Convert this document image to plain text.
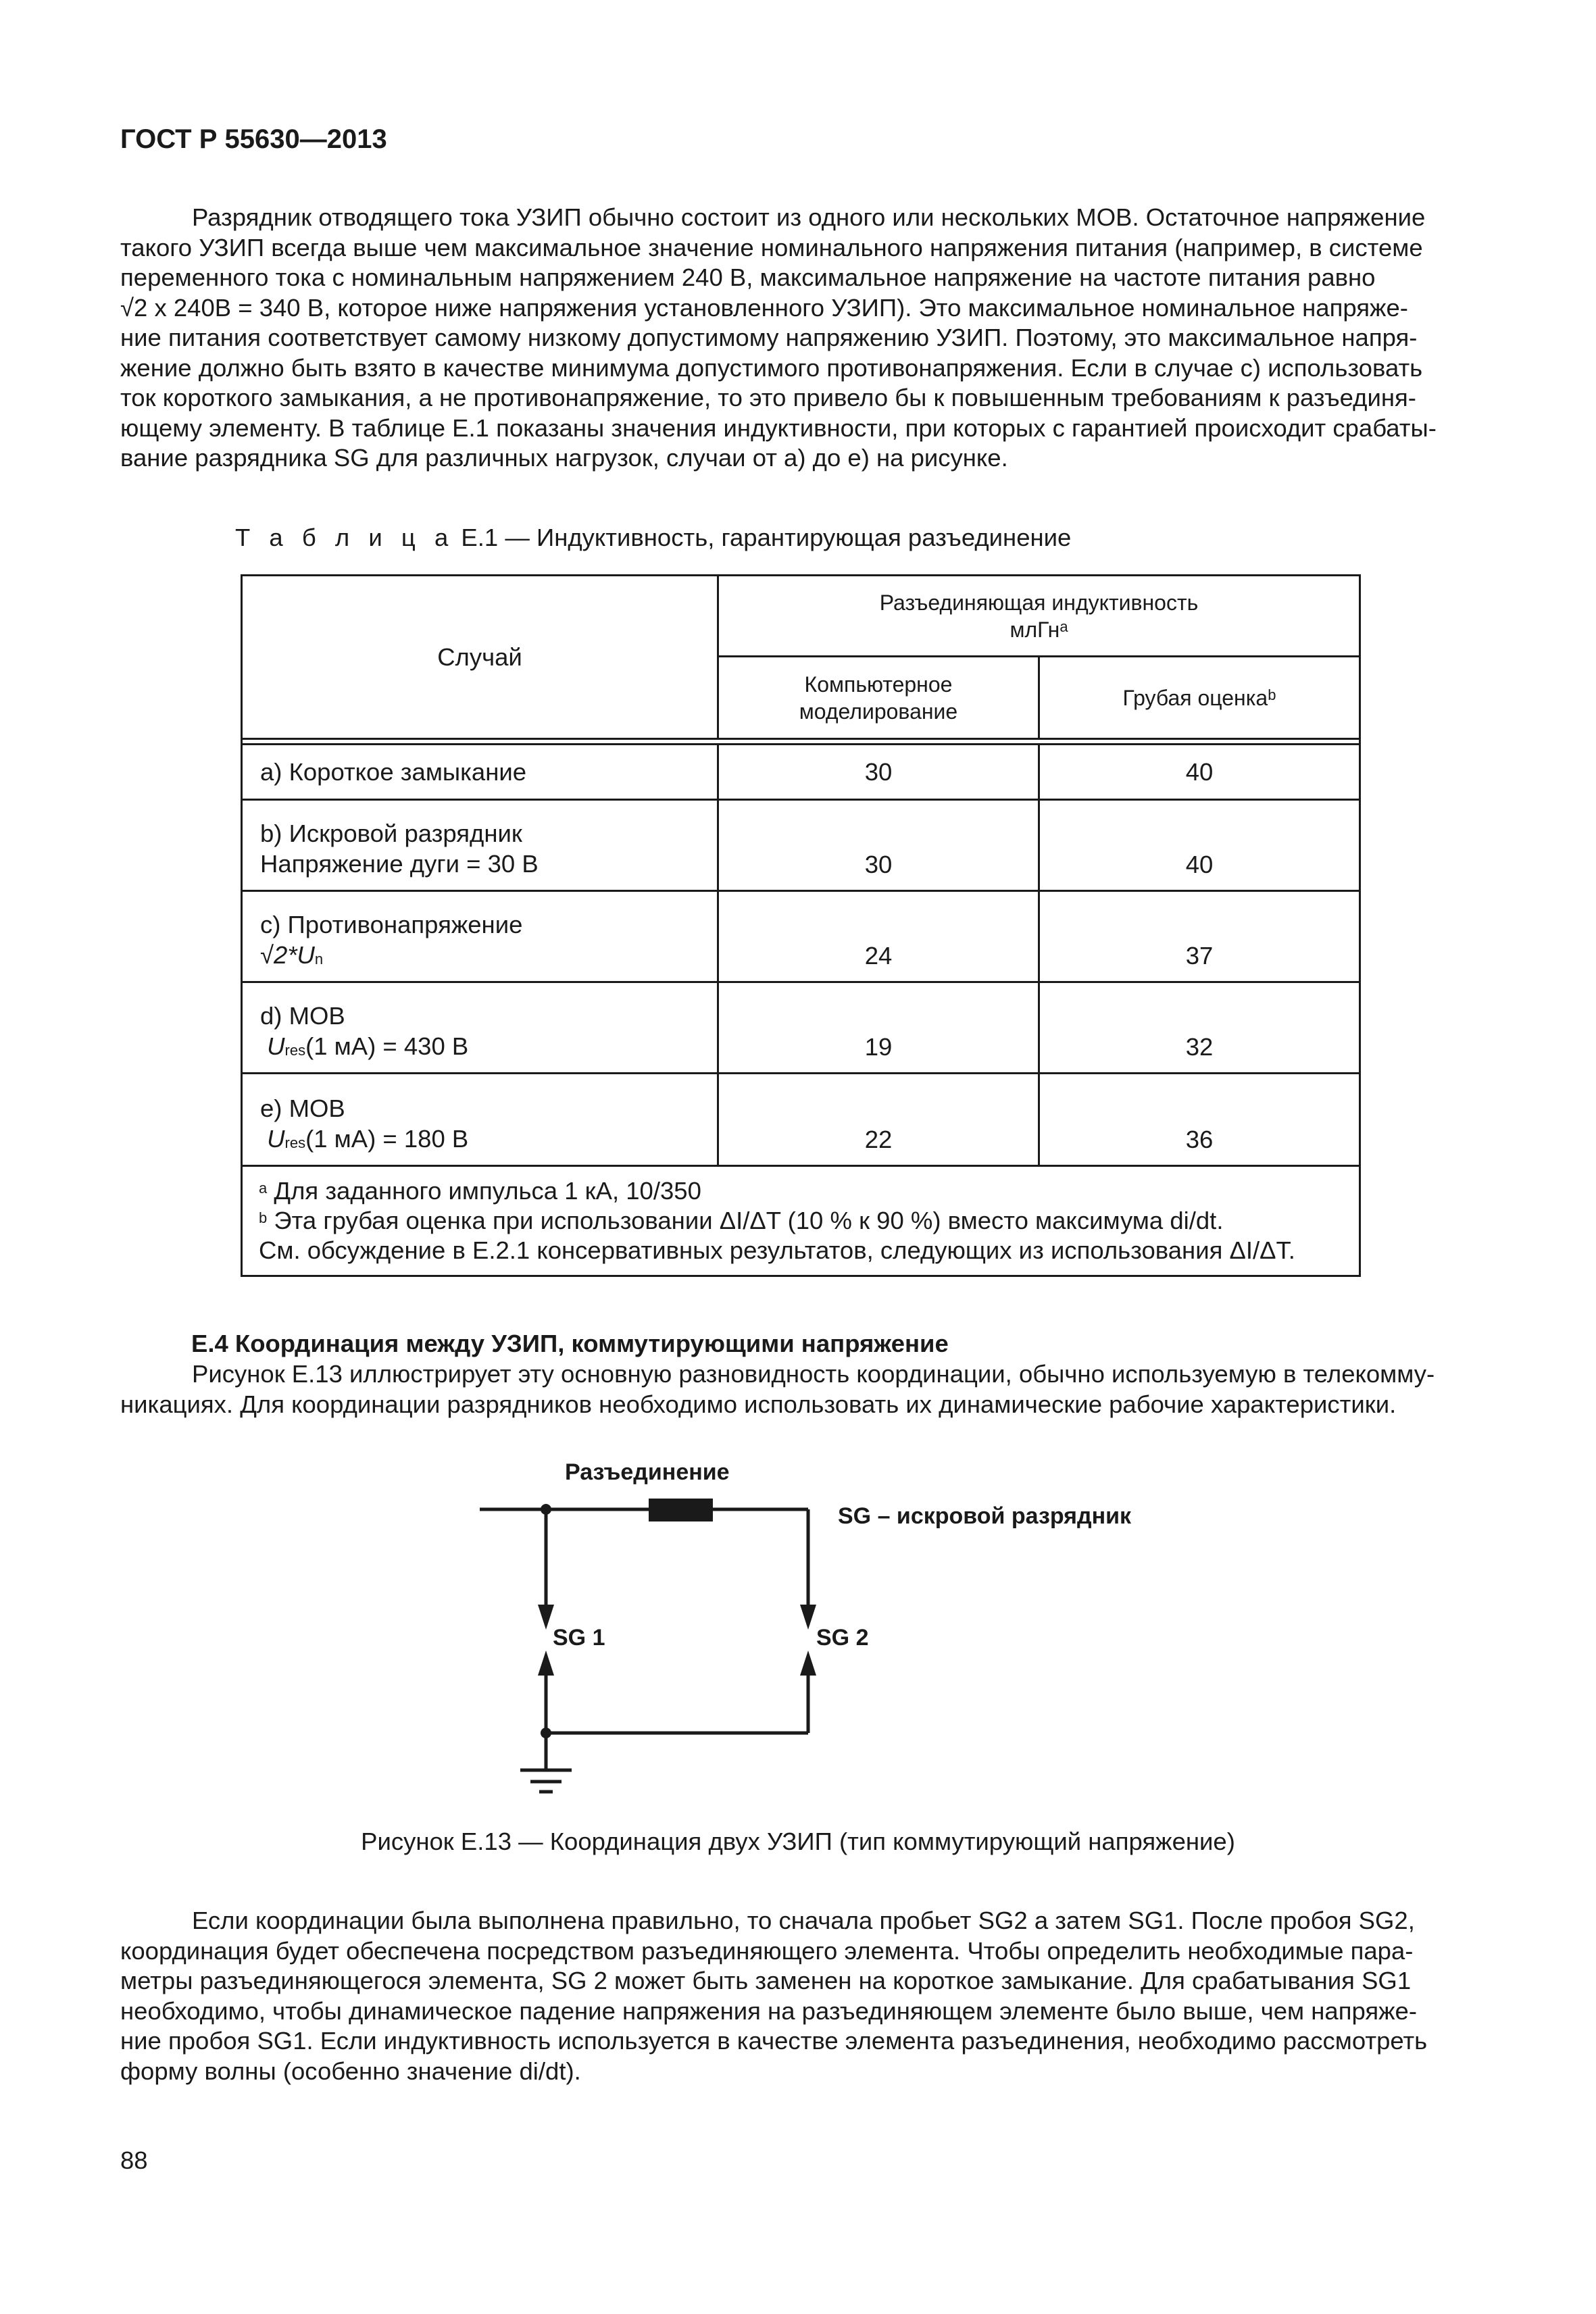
ГОСТ Р 55630—2013
Разрядник отводящего тока УЗИП обычно состоит из одного или нескольких MOB. Остаточное напряжение
такого УЗИП всегда выше чем максимальное значение номинального напряжения питания (например, в системе
переменного тока с номинальным напряжением 240 В, максимальное напряжение на частоте питания равно
√2 x 240В = 340 В, которое ниже напряжения установленного УЗИП). Это максимальное номинальное напряже-
ние питания соответствует самому низкому допустимому напряжению УЗИП. Поэтому, это максимальное напря-
жение должно быть взято в качестве минимума допустимого противонапряжения. Если в случае с) использовать
ток короткого замыкания, а не противонапряжение, то это привело бы к повышенным требованиям к разъединя-
ющему элементу. В таблице Е.1 показаны значения индуктивности, при которых с гарантией происходит срабаты-
вание разрядника SG для различных нагрузок, случаи от а) до е) на рисунке.
Т а б л и ц а Е.1 — Индуктивность, гарантирующая разъединение
Случай	Разъединяющая индуктивность
млГн$^a$

	Компьютерное
моделирование	Грубая оценка$^b$

а) Короткое замыкание	30	40

b) Искровой разрядник
Напряжение дуги = 30 В	30	40

c) Противонапряжение
$√2*U_n$	24	37

d) MOB
$U_{res}(1$ мА) = 430 В	19	32

e) MOB
$U_{res}(1$ мА) = 180 В	22	36

$^a$ Для заданного импульса 1 кА, 10/350
$^b$ Эта грубая оценка при использовании ΔI/ΔT (10 % к 90 %) вместо максимума di/dt.
См. обсуждение в Е.2.1 консервативных результатов, следующих из использования ΔI/ΔT.		
Е.4 Координация между УЗИП, коммутирующими напряжение
Рисунок Е.13 иллюстрирует эту основную разновидность координации, обычно используемую в телекомму-
никациях. Для координации разрядников необходимо использовать их динамические рабочие характеристики.
Разъединение
SG – искровой разрядник
SG 1	SG 2
Рисунок Е.13 — Координация двух УЗИП (тип коммутирующий напряжение)
Если координации была выполнена правильно, то сначала пробьет SG2 а затем SG1. После пробоя SG2,
координация будет обеспечена посредством разъединяющего элемента. Чтобы определить необходимые пара-
метры разъединяющегося элемента, SG 2 может быть заменен на короткое замыкание. Для срабатывания SG1
необходимо, чтобы динамическое падение напряжения на разъединяющем элементе было выше, чем напряже-
ние пробоя SG1. Если индуктивность используется в качестве элемента разъединения, необходимо рассмотреть
форму волны (особенно значение di/dt).
88
